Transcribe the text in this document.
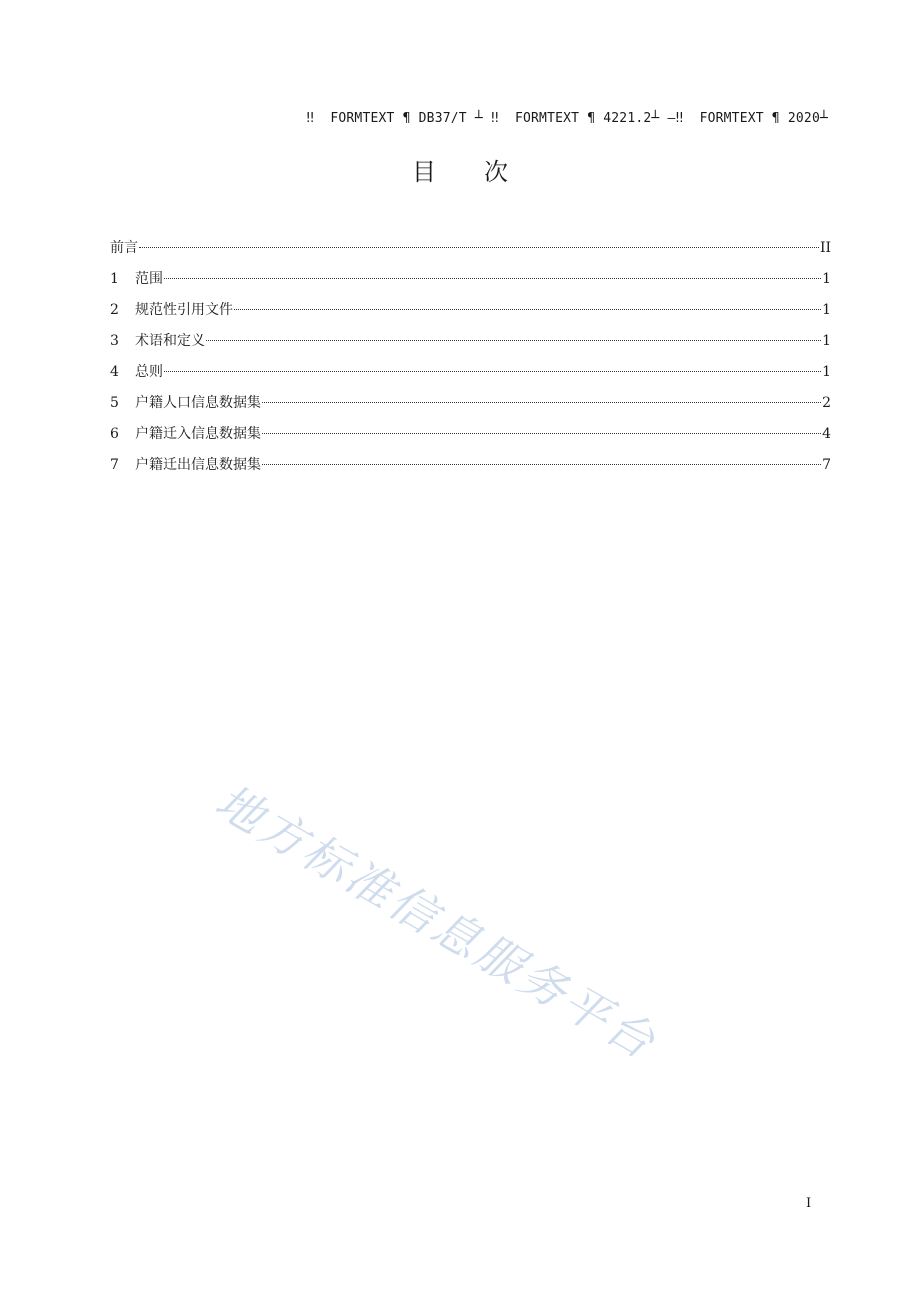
‼  FORMTEXT ¶ DB37/T ┴ ‼  FORMTEXT ¶ 4221.2┴ —‼  FORMTEXT ¶ 2020┴
目 次
前言	II
1	范围	1
2	规范性引用文件	1
3	术语和定义	1
4	总则	1
5	户籍人口信息数据集	2
6	户籍迁入信息数据集	4
7	户籍迁出信息数据集	7
地方标准信息服务平台
I
